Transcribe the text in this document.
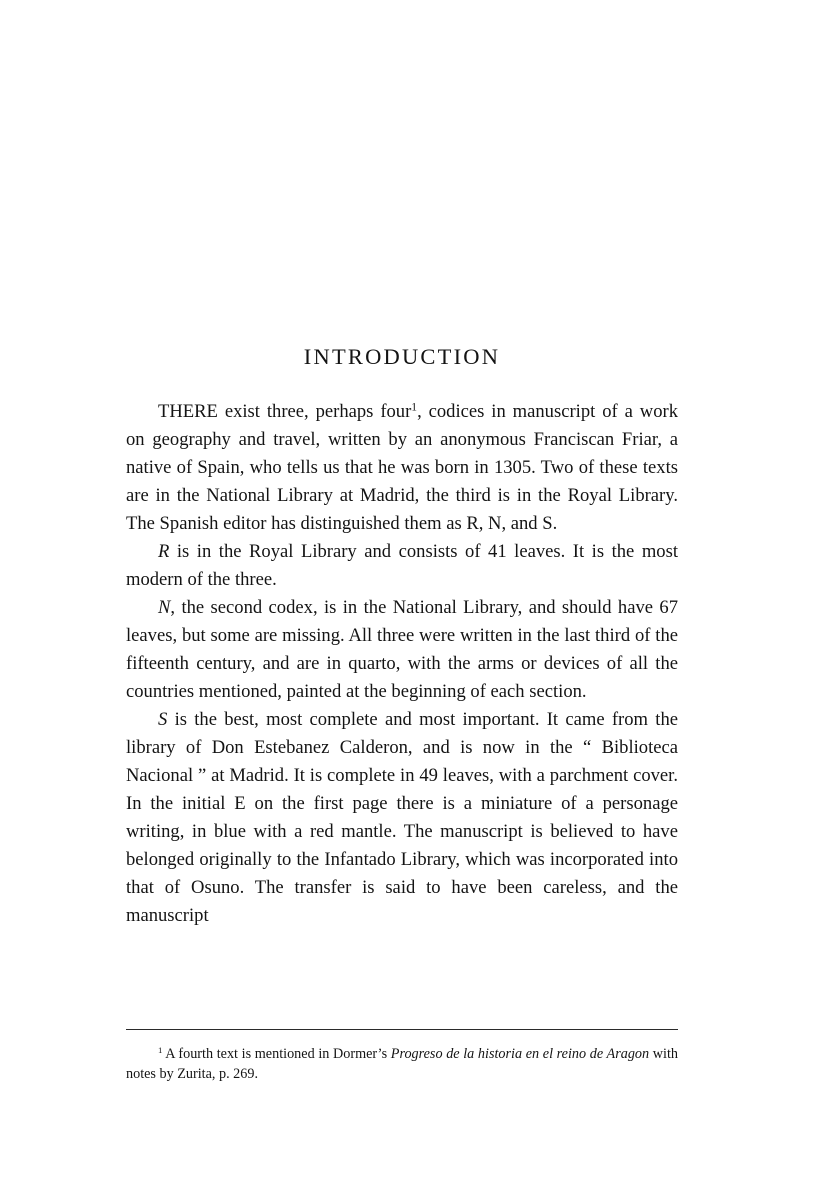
INTRODUCTION

THERE exist three, perhaps four$^1$, codices in manuscript of a work on geography and travel, written by an anonymous Franciscan Friar, a native of Spain, who tells us that he was born in 1305. Two of these texts are in the National Library at Madrid, the third is in the Royal Library. The Spanish editor has distinguished them as R, N, and S.

R is in the Royal Library and consists of 41 leaves. It is the most modern of the three.

N, the second codex, is in the National Library, and should have 67 leaves, but some are missing. All three were written in the last third of the fifteenth century, and are in quarto, with the arms or devices of all the countries mentioned, painted at the beginning of each section.

S is the best, most complete and most important. It came from the library of Don Estebanez Calderon, and is now in the “ Biblioteca Nacional ” at Madrid. It is complete in 49 leaves, with a parchment cover. In the initial E on the first page there is a miniature of a personage writing, in blue with a red mantle. The manuscript is believed to have belonged originally to the Infantado Library, which was incorporated into that of Osuno. The transfer is said to have been careless, and the manuscript

$^1$ A fourth text is mentioned in Dormer’s Progreso de la historia en el reino de Aragon with notes by Zurita, p. 269.
